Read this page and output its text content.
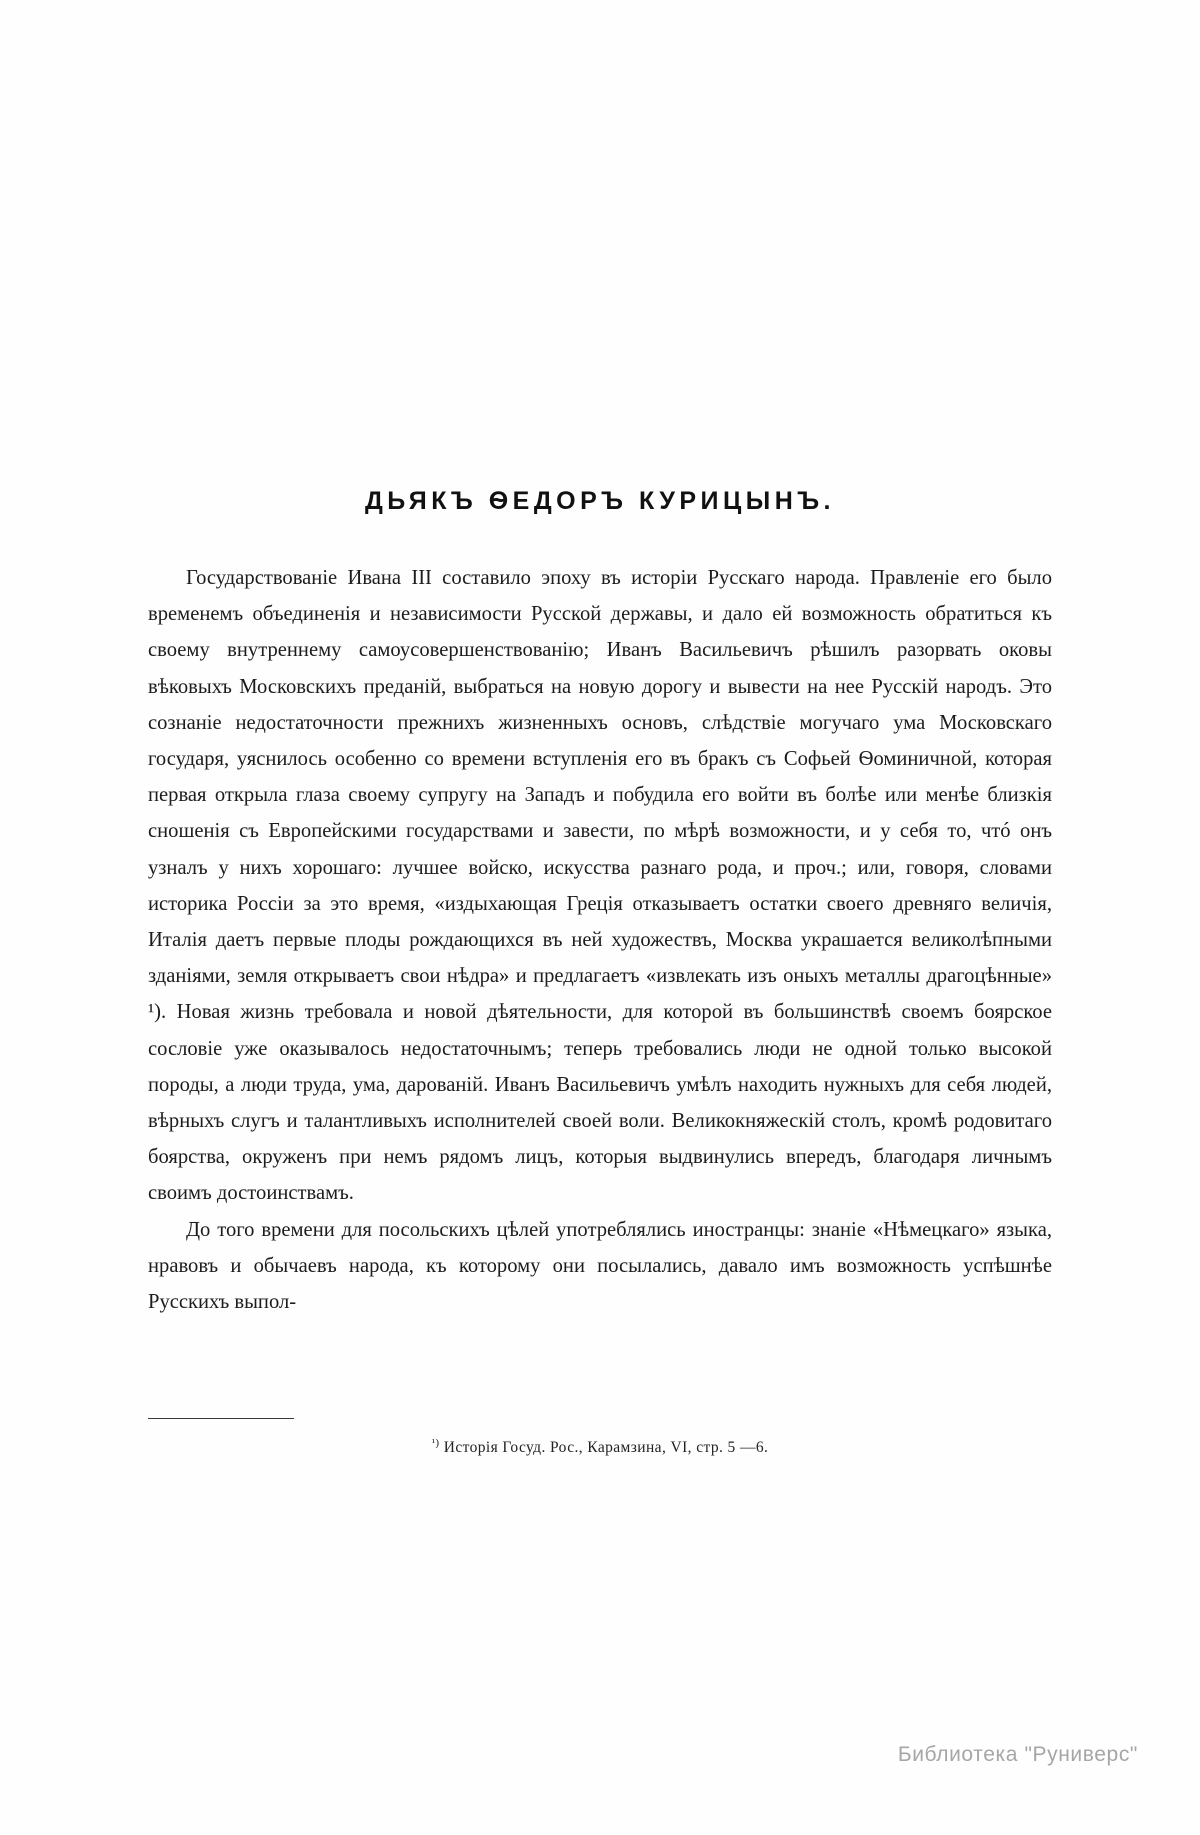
ДЬЯКЪ ѲЕДОРЪ КУРИЦЫНЪ.

Государствованіе Ивана III составило эпоху въ исторіи Русскаго народа. Правленіе его было временемъ объединенія и независимости Русской державы, и дало ей возможность обратиться къ своему внутреннему самоусовершенствованію; Иванъ Васильевичъ рѣшилъ разорвать оковы вѣковыхъ Московскихъ преданій, выбраться на новую дорогу и вывести на нее Русскій народъ. Это сознаніе недостаточности прежнихъ жизненныхъ основъ, слѣдствіе могучаго ума Московскаго государя, уяснилось особенно со времени вступленія его въ бракъ съ Софьей Ѳоминичной, которая первая открыла глаза своему супругу на Западъ и побудила его войти въ болѣе или менѣе близкія сношенія съ Европейскими государствами и завести, по мѣрѣ возможности, и у себя то, чтó онъ узналъ у нихъ хорошаго: лучшее войско, искусства разнаго рода, и проч.; или, говоря, словами историка Россіи за это время, «издыхающая Греція отказываетъ остатки своего древняго величія, Италія даетъ первые плоды рождающихся въ ней художествъ, Москва украшается великолѣпными зданіями, земля открываетъ свои нѣдра» и предлагаетъ «извлекать изъ оныхъ металлы драгоцѣнные» ¹). Новая жизнь требовала и новой дѣятельности, для которой въ большинствѣ своемъ боярское сословіе уже оказывалось недостаточнымъ; теперь требовались люди не одной только высокой породы, а люди труда, ума, дарованій. Иванъ Васильевичъ умѣлъ находить нужныхъ для себя людей, вѣрныхъ слугъ и талантливыхъ исполнителей своей воли. Великокняжескій столъ, кромѣ родовитаго боярства, окруженъ при немъ рядомъ лицъ, которыя выдвинулись впередъ, благодаря личнымъ своимъ достоинствамъ.

До того времени для посольскихъ цѣлей употреблялись иностранцы: знаніе «Нѣмецкаго» языка, нравовъ и обычаевъ народа, къ которому они посылались, давало имъ возможность успѣшнѣе Русскихъ выпол-

$^{^1)}$ Исторія Госуд. Рос., Карамзина, VI, стр. 5 —6.
Библиотека "Руниверс"
